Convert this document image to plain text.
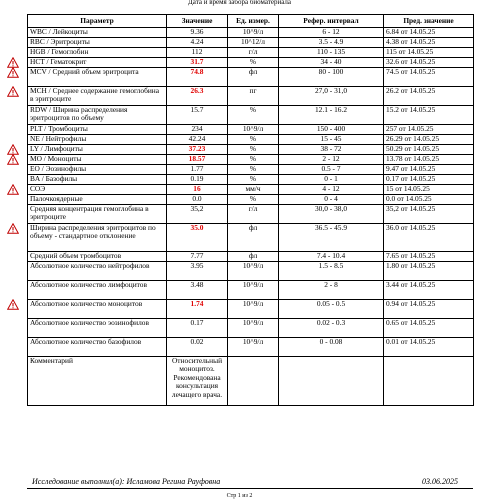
Дата и время забора биоматериала
Параметр	Значение	Ед. измер.	Рефер. интервал	Пред. значение
WBC / Лейкоциты	9.36	10^9/л	6 - 12	6.84 от 14.05.25
RBC / Эритроциты	4.24	10^12/л	3.5 - 4.9	4.38 от 14.05.25
HGB / Гемоглобин	112	г/л	110 - 135	115 от 14.05.25
HCT / Гематокрит	31.7	%	34 - 40	32.6 от 14.05.25
MCV / Средний объем эритроцита	74.8	фл	80 - 100	74.5 от 14.05.25
MCH / Среднее содержание гемоглобина в эритроците	26.3	пг	27,0 - 31,0	26.2 от 14.05.25
RDW / Ширина распределения эритроцитов по объему	15.7	%	12.1 - 16.2	15.2 от 14.05.25
PLT / Тромбоциты	234	10^9/л	150 - 400	257 от 14.05.25
NE / Нейтрофилы	42.24	%	15 - 45	26.29 от 14.05.25
LY / Лимфоциты	37.23	%	38 - 72	50.29 от 14.05.25
MO / Моноциты	18.57	%	2 - 12	13.78 от 14.05.25
EO / Эозинофилы	1.77	%	0.5 - 7	9.47 от 14.05.25
BA / Базофилы	0.19	%	0 - 1	0.17 от 14.05.25
СОЭ	16	мм/ч	4 - 12	15 от 14.05.25
Палочкоядерные	0.0	%	0 - 4	0.0 от 14.05.25
Средняя концентрация гемоглобина в эритроците	35,2	г/л	30,0 - 38,0	35,2 от 14.05.25
Ширина распределения эритроцитов по объему - стандартное отклонение	35.0	фл	36.5 - 45.9	36.0 от 14.05.25
Средний объем тромбоцитов	7.77	фл	7.4 - 10.4	7.65 от 14.05.25
Абсолютное количество нейтрофилов	3.95	10^9/л	1.5 - 8.5	1.80 от 14.05.25
Абсолютное количество лимфоцитов	3.48	10^9/л	2 - 8	3.44 от 14.05.25
Абсолютное количество моноцитов	1.74	10^9/л	0.05 - 0.5	0.94 от 14.05.25
Абсолютное количество эозинофилов	0.17	10^9/л	0.02 - 0.3	0.65 от 14.05.25
Абсолютное количество базофилов	0.02	10^9/л	0 - 0.08	0.01 от 14.05.25
Комментарий	Относительный моноцитоз. Рекомендована консультация лечащего врача.			
Исследование выполнил(а): Исламова Регина Рауфовна	03.06.2025
Стр 1 из 2
